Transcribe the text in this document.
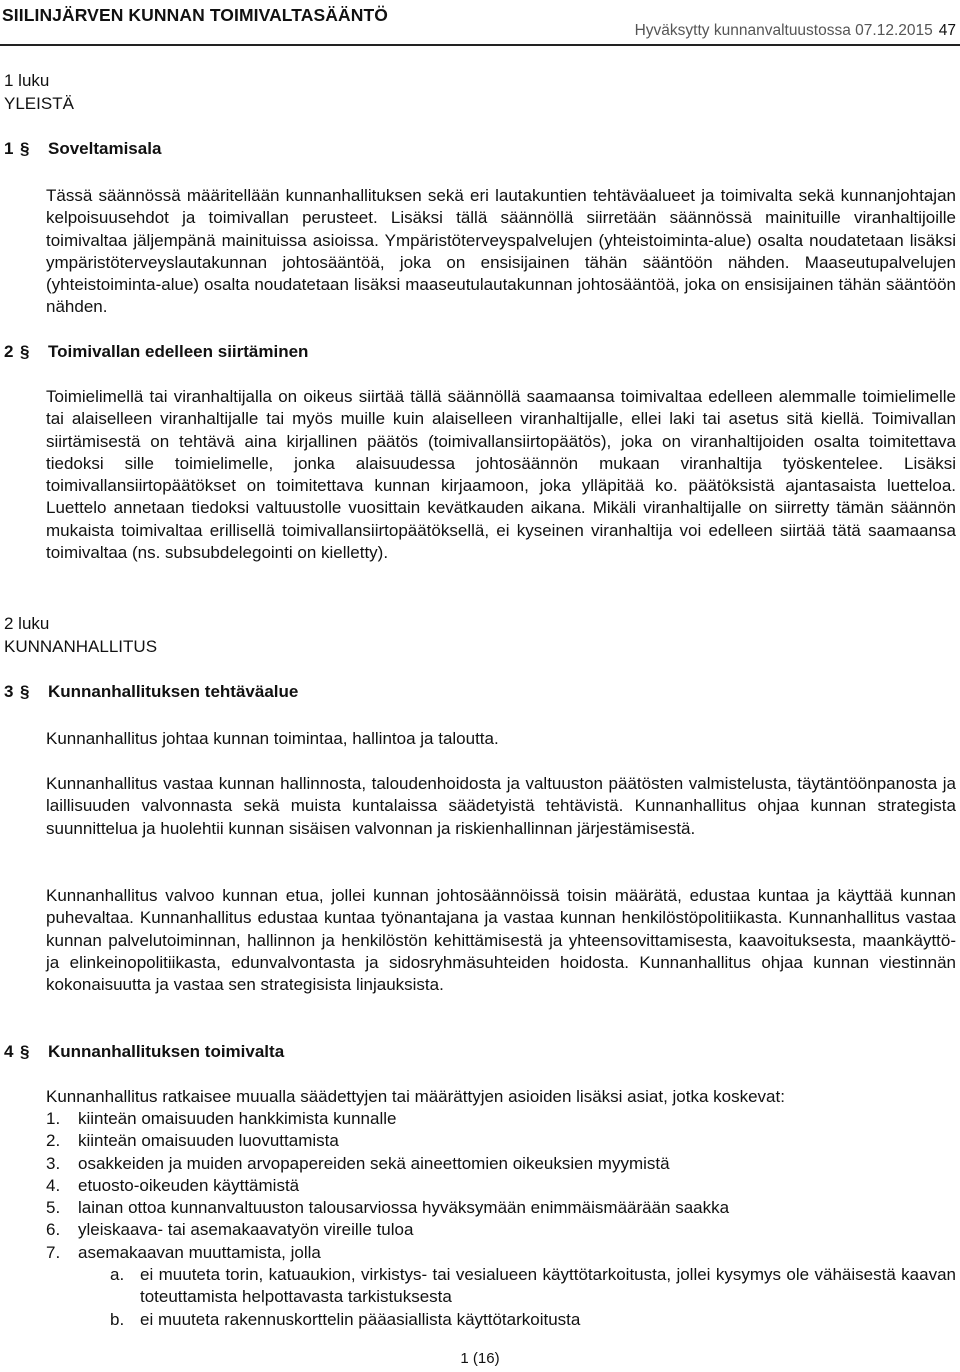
SIILINJÄRVEN KUNNAN TOIMIVALTASÄÄNTÖ
Hyväksytty kunnanvaltuustossa 07.12.2015 47
1 luku
YLEISTÄ
1 § Soveltamisala

Tässä säännössä määritellään kunnanhallituksen sekä eri lautakuntien tehtäväalueet ja toimivalta sekä kunnanjohtajan kelpoisuusehdot ja toimivallan perusteet. Lisäksi tällä säännöllä siirretään säännössä mainituille viranhaltijoille toimivaltaa jäljempänä mainituissa asioissa. Ympäristöterveyspalvelujen (yhteistoiminta-alue) osalta noudatetaan lisäksi ympäristöterveyslautakunnan johtosääntöä, joka on ensisijainen tähän sääntöön nähden. Maaseutupalvelujen (yhteistoiminta-alue) osalta noudatetaan lisäksi maaseutulautakunnan johtosääntöä, joka on ensisijainen tähän sääntöön nähden.

2 § Toimivallan edelleen siirtäminen

Toimielimellä tai viranhaltijalla on oikeus siirtää tällä säännöllä saamaansa toimivaltaa edelleen alemmalle toimielimelle tai alaiselleen viranhaltijalle tai myös muille kuin alaiselleen viranhaltijalle, ellei laki tai asetus sitä kiellä. Toimivallan siirtämisestä on tehtävä aina kirjallinen päätös (toimivallansiirtopäätös), joka on viranhaltijoiden osalta toimitettava tiedoksi sille toimielimelle, jonka alaisuudessa johtosäännön mukaan viranhaltija työskentelee. Lisäksi toimivallansiirtopäätökset on toimitettava kunnan kirjaamoon, joka ylläpitää ko. päätöksistä ajantasaista luetteloa. Luettelo annetaan tiedoksi valtuustolle vuosittain kevätkauden aikana. Mikäli viranhaltijalle on siirretty tämän säännön mukaista toimivaltaa erillisellä toimivallansiirtopäätöksellä, ei kyseinen viranhaltija voi edelleen siirtää tätä saamaansa toimivaltaa (ns. subsubdelegointi on kielletty).

2 luku
KUNNANHALLITUS
3 § Kunnanhallituksen tehtäväalue

Kunnanhallitus johtaa kunnan toimintaa, hallintoa ja taloutta.

Kunnanhallitus vastaa kunnan hallinnosta, taloudenhoidosta ja valtuuston päätösten valmistelusta, täytäntöönpanosta ja laillisuuden valvonnasta sekä muista kuntalaissa säädetyistä tehtävistä. Kunnanhallitus ohjaa kunnan strategista suunnittelua ja huolehtii kunnan sisäisen valvonnan ja riskienhallinnan järjestämisestä.

Kunnanhallitus valvoo kunnan etua, jollei kunnan johtosäännöissä toisin määrätä, edustaa kuntaa ja käyttää kunnan puhevaltaa. Kunnanhallitus edustaa kuntaa työnantajana ja vastaa kunnan henkilöstöpolitiikasta. Kunnanhallitus vastaa kunnan palvelutoiminnan, hallinnon ja henkilöstön kehittämisestä ja yhteensovittamisesta, kaavoituksesta, maankäyttö- ja elinkeinopolitiikasta, edunvalvontasta ja sidosryhmäsuhteiden hoidosta. Kunnanhallitus ohjaa kunnan viestinnän kokonaisuutta ja vastaa sen strategisista linjauksista.

4 § Kunnanhallituksen toimivalta

Kunnanhallitus ratkaisee muualla säädettyjen tai määrättyjen asioiden lisäksi asiat, jotka koskevat:

1. kiinteän omaisuuden hankkimista kunnalle
2. kiinteän omaisuuden luovuttamista
3. osakkeiden ja muiden arvopapereiden sekä aineettomien oikeuksien myymistä
4. etuosto-oikeuden käyttämistä
5. lainan ottoa kunnanvaltuuston talousarviossa hyväksymään enimmäismäärään saakka
6. yleiskaava- tai asemakaavatyön vireille tuloa
7. asemakaavan muuttamista, jolla
a. ei muuteta torin, katuaukion, virkistys- tai vesialueen käyttötarkoitusta, jollei kysymys ole vähäisestä kaavan toteuttamista helpottavasta tarkistuksesta
b. ei muuteta rakennuskorttelin pääasiallista käyttötarkoitusta
1 (16)
